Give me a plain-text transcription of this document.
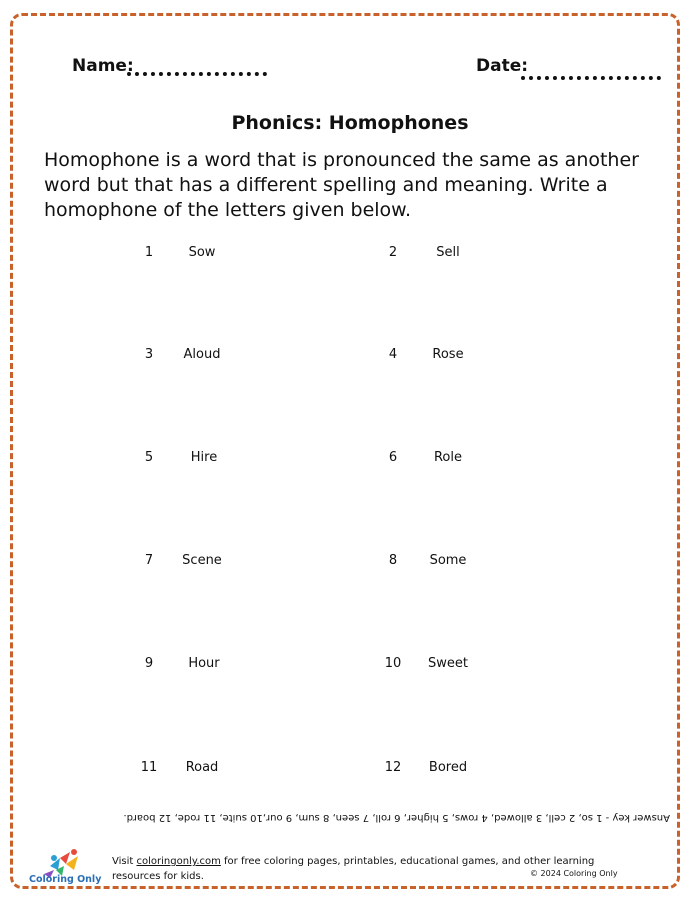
Name:	Date:
Phonics: Homophones
Homophone is a word that is pronounced the same as another word but that has a different spelling and meaning. Write a homophone of the letters given below.
1	Sow	2	Sell
3	Aloud	4	Rose
5	Hire	6	Role
7	Scene	8	Some
9	Hour	10	Sweet
11	Road	12	Bored
Answer key - 1 so, 2 cell, 3 allowed, 4 rows, 5 higher, 6 roll, 7 seen, 8 sum, 9 our,10 suite, 11 rode, 12 board.
Coloring Only
Visit coloringonly.com for free coloring pages, printables, educational games, and other learning resources for kids.	© 2024 Coloring Only
